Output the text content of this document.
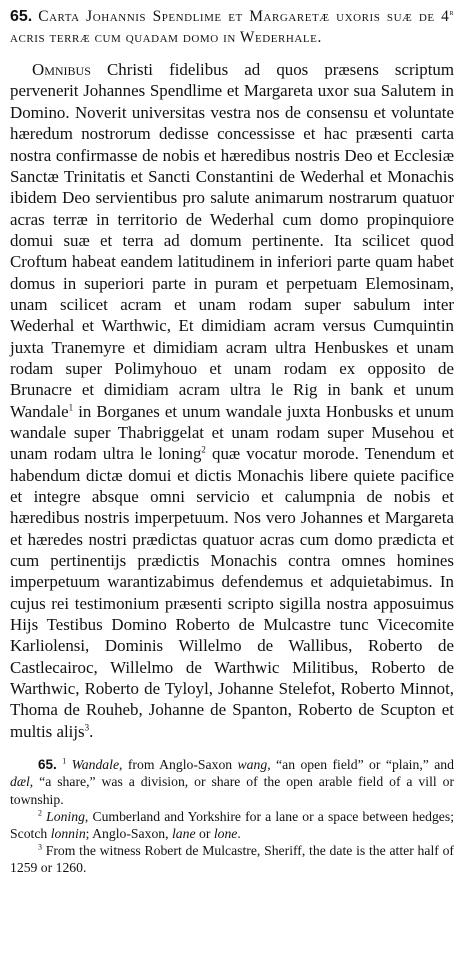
65. Carta Johannis Spendlime et Margaretæ uxoris suæ de 4$^r$ acris terræ cum quadam domo in Wederhale.
Omnibus Christi fidelibus ad quos præsens scriptum pervenerit Johannes Spendlime et Margareta uxor sua Salutem in Domino. Noverit universitas vestra nos de consensu et voluntate hæredum nostrorum dedisse concessisse et hac præsenti carta nostra confirmasse de nobis et hæredibus nostris Deo et Ecclesiæ Sanctæ Trinitatis et Sancti Constantini de Wederhal et Monachis ibidem Deo servientibus pro salute animarum nostrarum quatuor acras terræ in territorio de Wederhal cum domo propinquiore domui suæ et terra ad domum pertinente. Ita scilicet quod Croftum habeat eandem latitudinem in inferiori parte quam habet domus in superiori parte in puram et perpetuam Elemosinam, unam scilicet acram et unam rodam super sabulum inter Wederhal et Warthwic, Et dimidiam acram versus Cumquintin juxta Tranemyre et dimidiam acram ultra Henbuskes et unam rodam super Polimyhouo et unam rodam ex opposito de Brunacre et dimidiam acram ultra le Rig in bank et unum Wandale$^1$ in Borganes et unum wandale juxta Honbusks et unum wandale super Thabriggelat et unam rodam super Musehou et unam rodam ultra le loning$^2$ quæ vocatur morode. Tenendum et habendum dictæ domui et dictis Monachis libere quiete pacifice et integre absque omni servicio et calumpnia de nobis et hæredibus nostris imperpetuum. Nos vero Johannes et Margareta et hæredes nostri prædictas quatuor acras cum domo prædicta et cum pertinentijs prædictis Monachis contra omnes homines imperpetuum warantizabimus defendemus et adquietabimus. In cujus rei testimonium præsenti scripto sigilla nostra apposuimus Hijs Testibus Domino Roberto de Mulcastre tunc Vicecomite Karliolensi, Dominis Willelmo de Wallibus, Roberto de Castlecairoc, Willelmo de Warthwic Militibus, Roberto de Warthwic, Roberto de Tyloyl, Johanne Stelefot, Roberto Minnot, Thoma de Rouheb, Johanne de Spanton, Roberto de Scupton et multis alijs$^3$.

65. $^1$ Wandale, from Anglo-Saxon wang, “an open field” or “plain,” and dæl, “a share,” was a division, or share of the open arable field of a vill or township.

$^2$ Loning, Cumberland and Yorkshire for a lane or a space between hedges; Scotch lonnin; Anglo-Saxon, lane or lone.

$^3$ From the witness Robert de Mulcastre, Sheriff, the date is the atter half of 1259 or 1260.
